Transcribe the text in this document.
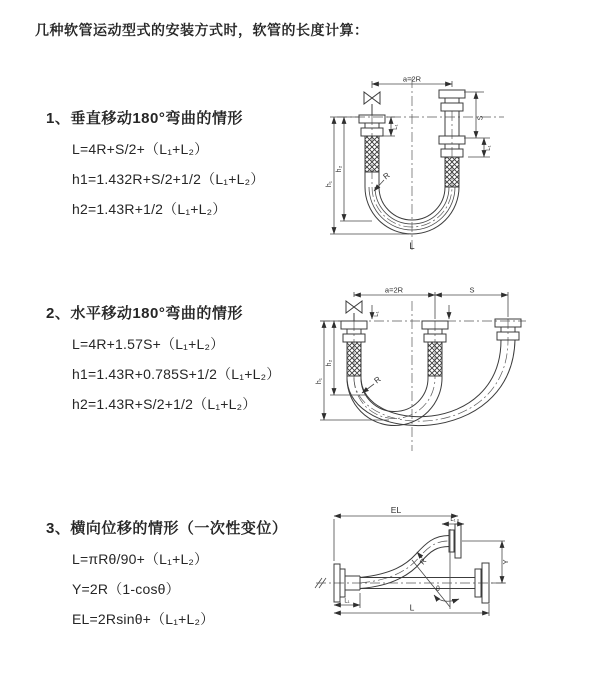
几种软管运动型式的安装方式时，软管的长度计算：
1、垂直移动180°弯曲的情形
L=4R+S/2+（L₁+L₂）
h1=1.432R+S/2+1/2（L₁+L₂）
h2=1.43R+1/2（L₁+L₂）
2、水平移动180°弯曲的情形
L=4R+1.57S+（L₁+L₂）
h1=1.43R+0.785S+1/2（L₁+L₂）
h2=1.43R+S/2+1/2（L₁+L₂）
3、横向位移的情形（一次性变位）
L=πRθ/90+（L₁+L₂）
Y=2R（1-cosθ）
EL=2Rsinθ+（L₁+L₂）
a=2R
S
L₁
L₁
h₂
h₁
R
L
a=2R	S
L₁
h₂
h₁	R
θ
EL
L₁
Y
L₁
L
R
